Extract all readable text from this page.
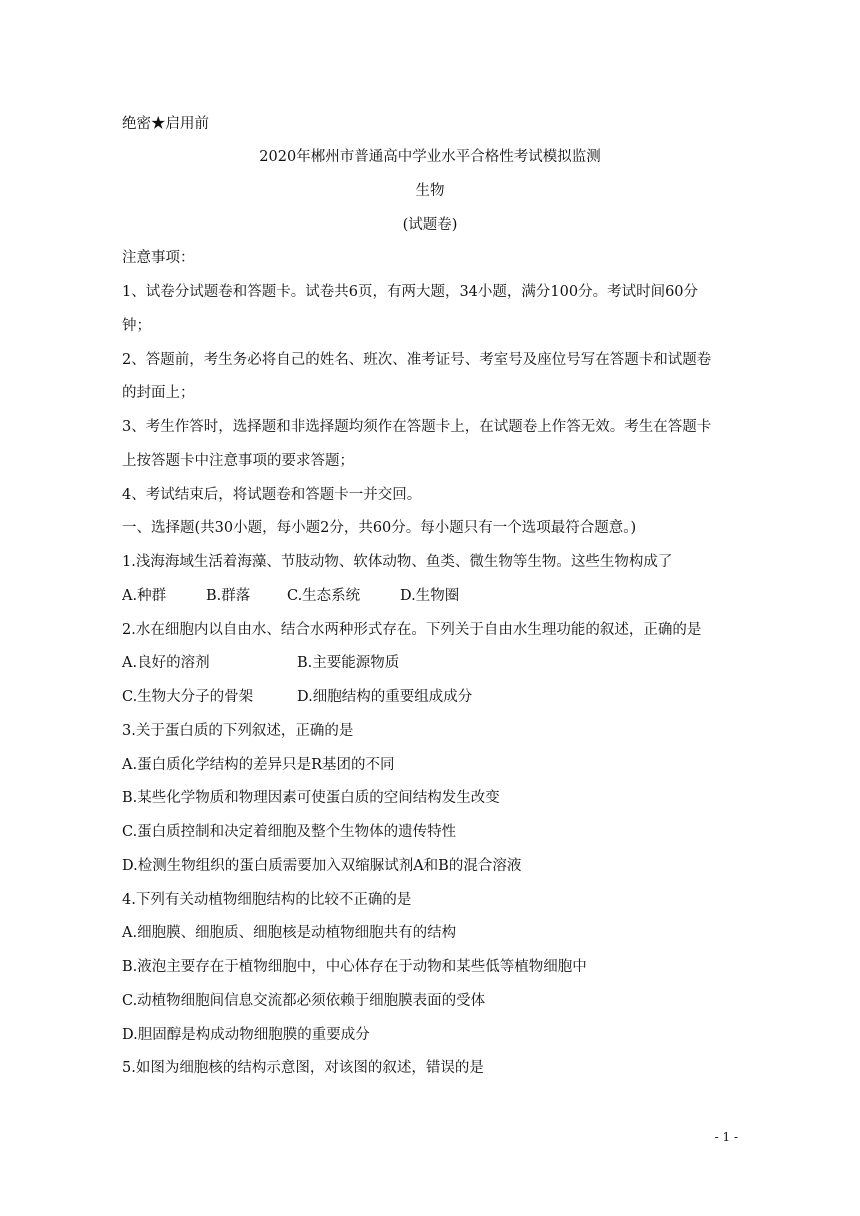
绝密★启用前
2020年郴州市普通高中学业水平合格性考试模拟监测
生物
(试题卷)
注意事项：
1、试卷分试题卷和答题卡。试卷共6页，有两大题，34小题，满分100分。考试时间60分
钟；
2、答题前，考生务必将自己的姓名、班次、准考证号、考室号及座位号写在答题卡和试题卷
的封面上；
3、考生作答时，选择题和非选择题均须作在答题卡上，在试题卷上作答无效。考生在答题卡
上按答题卡中注意事项的要求答题；
4、考试结束后，将试题卷和答题卡一并交回。
一、选择题(共30小题，每小题2分，共60分。每小题只有一个选项最符合题意。)
1.浅海海域生活着海藻、节肢动物、软体动物、鱼类、微生物等生物。这些生物构成了
A.种群	B.群落	C.生态系统	D.生物圈
2.水在细胞内以自由水、结合水两种形式存在。下列关于自由水生理功能的叙述，正确的是
A.良好的溶剂	B.主要能源物质
C.生物大分子的骨架	D.细胞结构的重要组成成分
3.关于蛋白质的下列叙述，正确的是
A.蛋白质化学结构的差异只是R基团的不同
B.某些化学物质和物理因素可使蛋白质的空间结构发生改变
C.蛋白质控制和决定着细胞及整个生物体的遗传特性
D.检测生物组织的蛋白质需要加入双缩脲试剂A和B的混合溶液
4.下列有关动植物细胞结构的比较不正确的是
A.细胞膜、细胞质、细胞核是动植物细胞共有的结构
B.液泡主要存在于植物细胞中，中心体存在于动物和某些低等植物细胞中
C.动植物细胞间信息交流都必须依赖于细胞膜表面的受体
D.胆固醇是构成动物细胞膜的重要成分
5.如图为细胞核的结构示意图，对该图的叙述，错误的是
- 1 -
